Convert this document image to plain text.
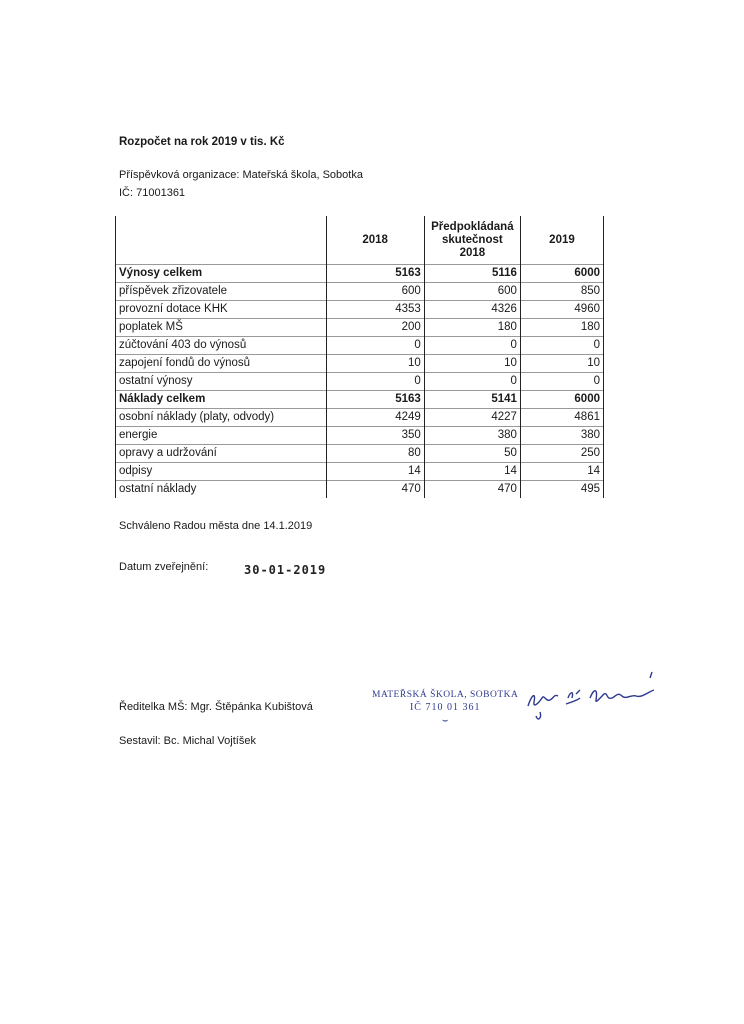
Rozpočet na rok 2019 v tis. Kč
Příspěvková organizace: Mateřská škola, Sobotka
IČ: 71001361
	2018	Předpokládaná skutečnost 2018	2019
Výnosy celkem	5163	5116	6000
příspěvek zřizovatele	600	600	850
provozní dotace KHK	4353	4326	4960
poplatek MŠ	200	180	180
zúčtování 403 do výnosů	0	0	0
zapojení fondů do výnosů	10	10	10
ostatní výnosy	0	0	0
Náklady celkem	5163	5141	6000
osobní náklady (platy, odvody)	4249	4227	4861
energie	350	380	380
opravy a udržování	80	50	250
odpisy	14	14	14
ostatní náklady	470	470	495
Schváleno Radou města dne 14.1.2019
Datum zveřejnění:	30-01-2019
Ředitelka MŠ: Mgr. Štěpánka Kubištová
Sestavil: Bc. Michal Vojtíšek
MATEŘSKÁ ŠKOLA, SOBOTKA
IČ 710 01 361
⌣
